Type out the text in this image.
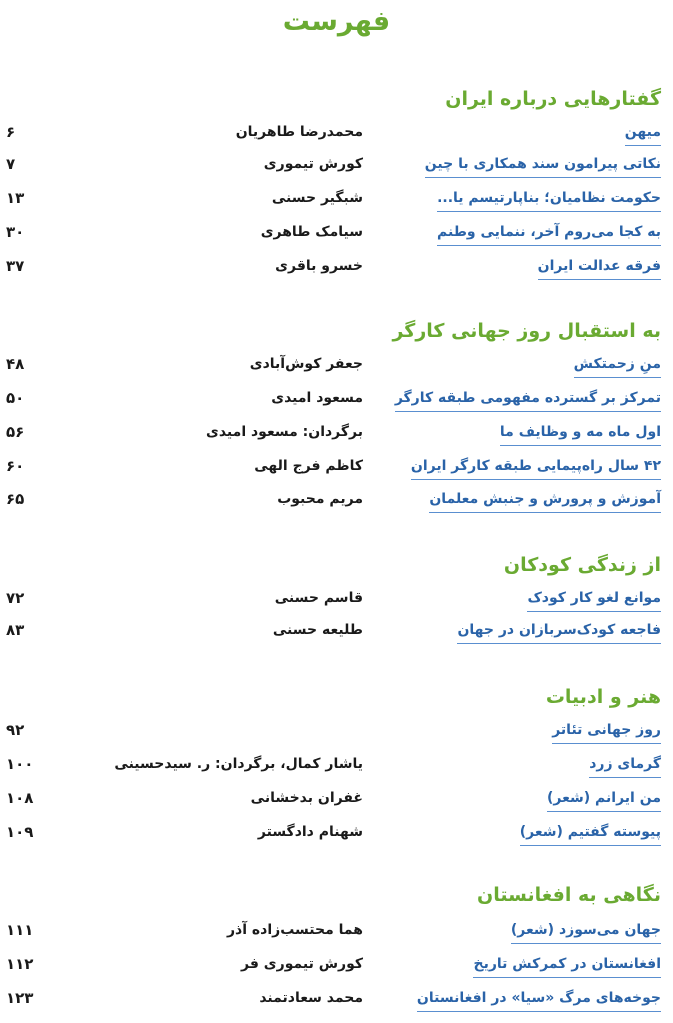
فهرست
گفتارهایی درباره ایران
میهن
محمدرضا طاهریان
۶
نکاتی پیرامون سند همکاری با چین
کورش تیموری
۷
حکومت نظامیان؛ بناپارتیسم یا...
شبگیر حسنی
۱۳
به کجا می‌روم آخر، ننمایی وطنم
سیامک طاهری
۳۰
فرقه عدالت ایران
خسرو باقری
۳۷
به استقبال روز جهانی کارگر
منِ زحمتکش
جعفر کوش‌آبادی
۴۸
تمرکز بر گسترده مفهومی طبقه کارگر
مسعود امیدی
۵۰
اول ماه مه و وظایف ما
برگردان: مسعود امیدی
۵۶
۴۲ سال راه‌پیمایی طبقه کارگر ایران
کاظم فرج الهی
۶۰
آموزش و پرورش و جنبش معلمان
مریم محبوب
۶۵
از زندگی کودکان
موانع لغو کار کودک
قاسم حسنی
۷۲
فاجعه کودک‌سربازان در جهان
طلیعه حسنی
۸۳
هنر و ادبیات
روز جهانی تئاتر
۹۲
گرمای زرد
یاشار کمال، برگردان: ر. سیدحسینی
۱۰۰
من ایرانم (شعر)
غفران بدخشانی
۱۰۸
پیوسته گفتیم (شعر)
شهنام دادگستر
۱۰۹
نگاهی به افغانستان
جهان می‌سوزد (شعر)
هما محتسب‌زاده آذر
۱۱۱
افغانستان در کمرکش تاریخ
کورش تیموری فر
۱۱۲
جوخه‌های مرگ «سیا» در افغانستان
محمد سعادتمند
۱۲۳
